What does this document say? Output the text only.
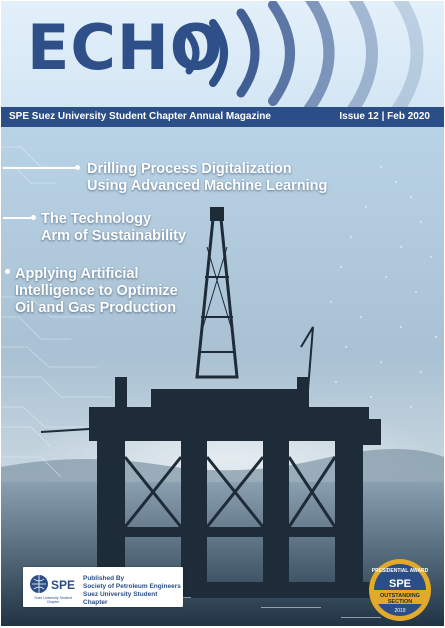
ECHO
SPE Suez University Student Chapter Annual Magazine	Issue 12 | Feb 2020
Drilling Process Digitalization
Using Advanced Machine Learning
The Technology
Arm of Sustainability
Applying Artificial
Intelligence to Optimize
Oil and Gas Production
SPE
Suez University Student Chapter
Published By
Society of Petroleum Engineers
Suez University Student Chapter
PRESIDENTIAL AWARD
SPE
OUTSTANDING
SECTION
2019
